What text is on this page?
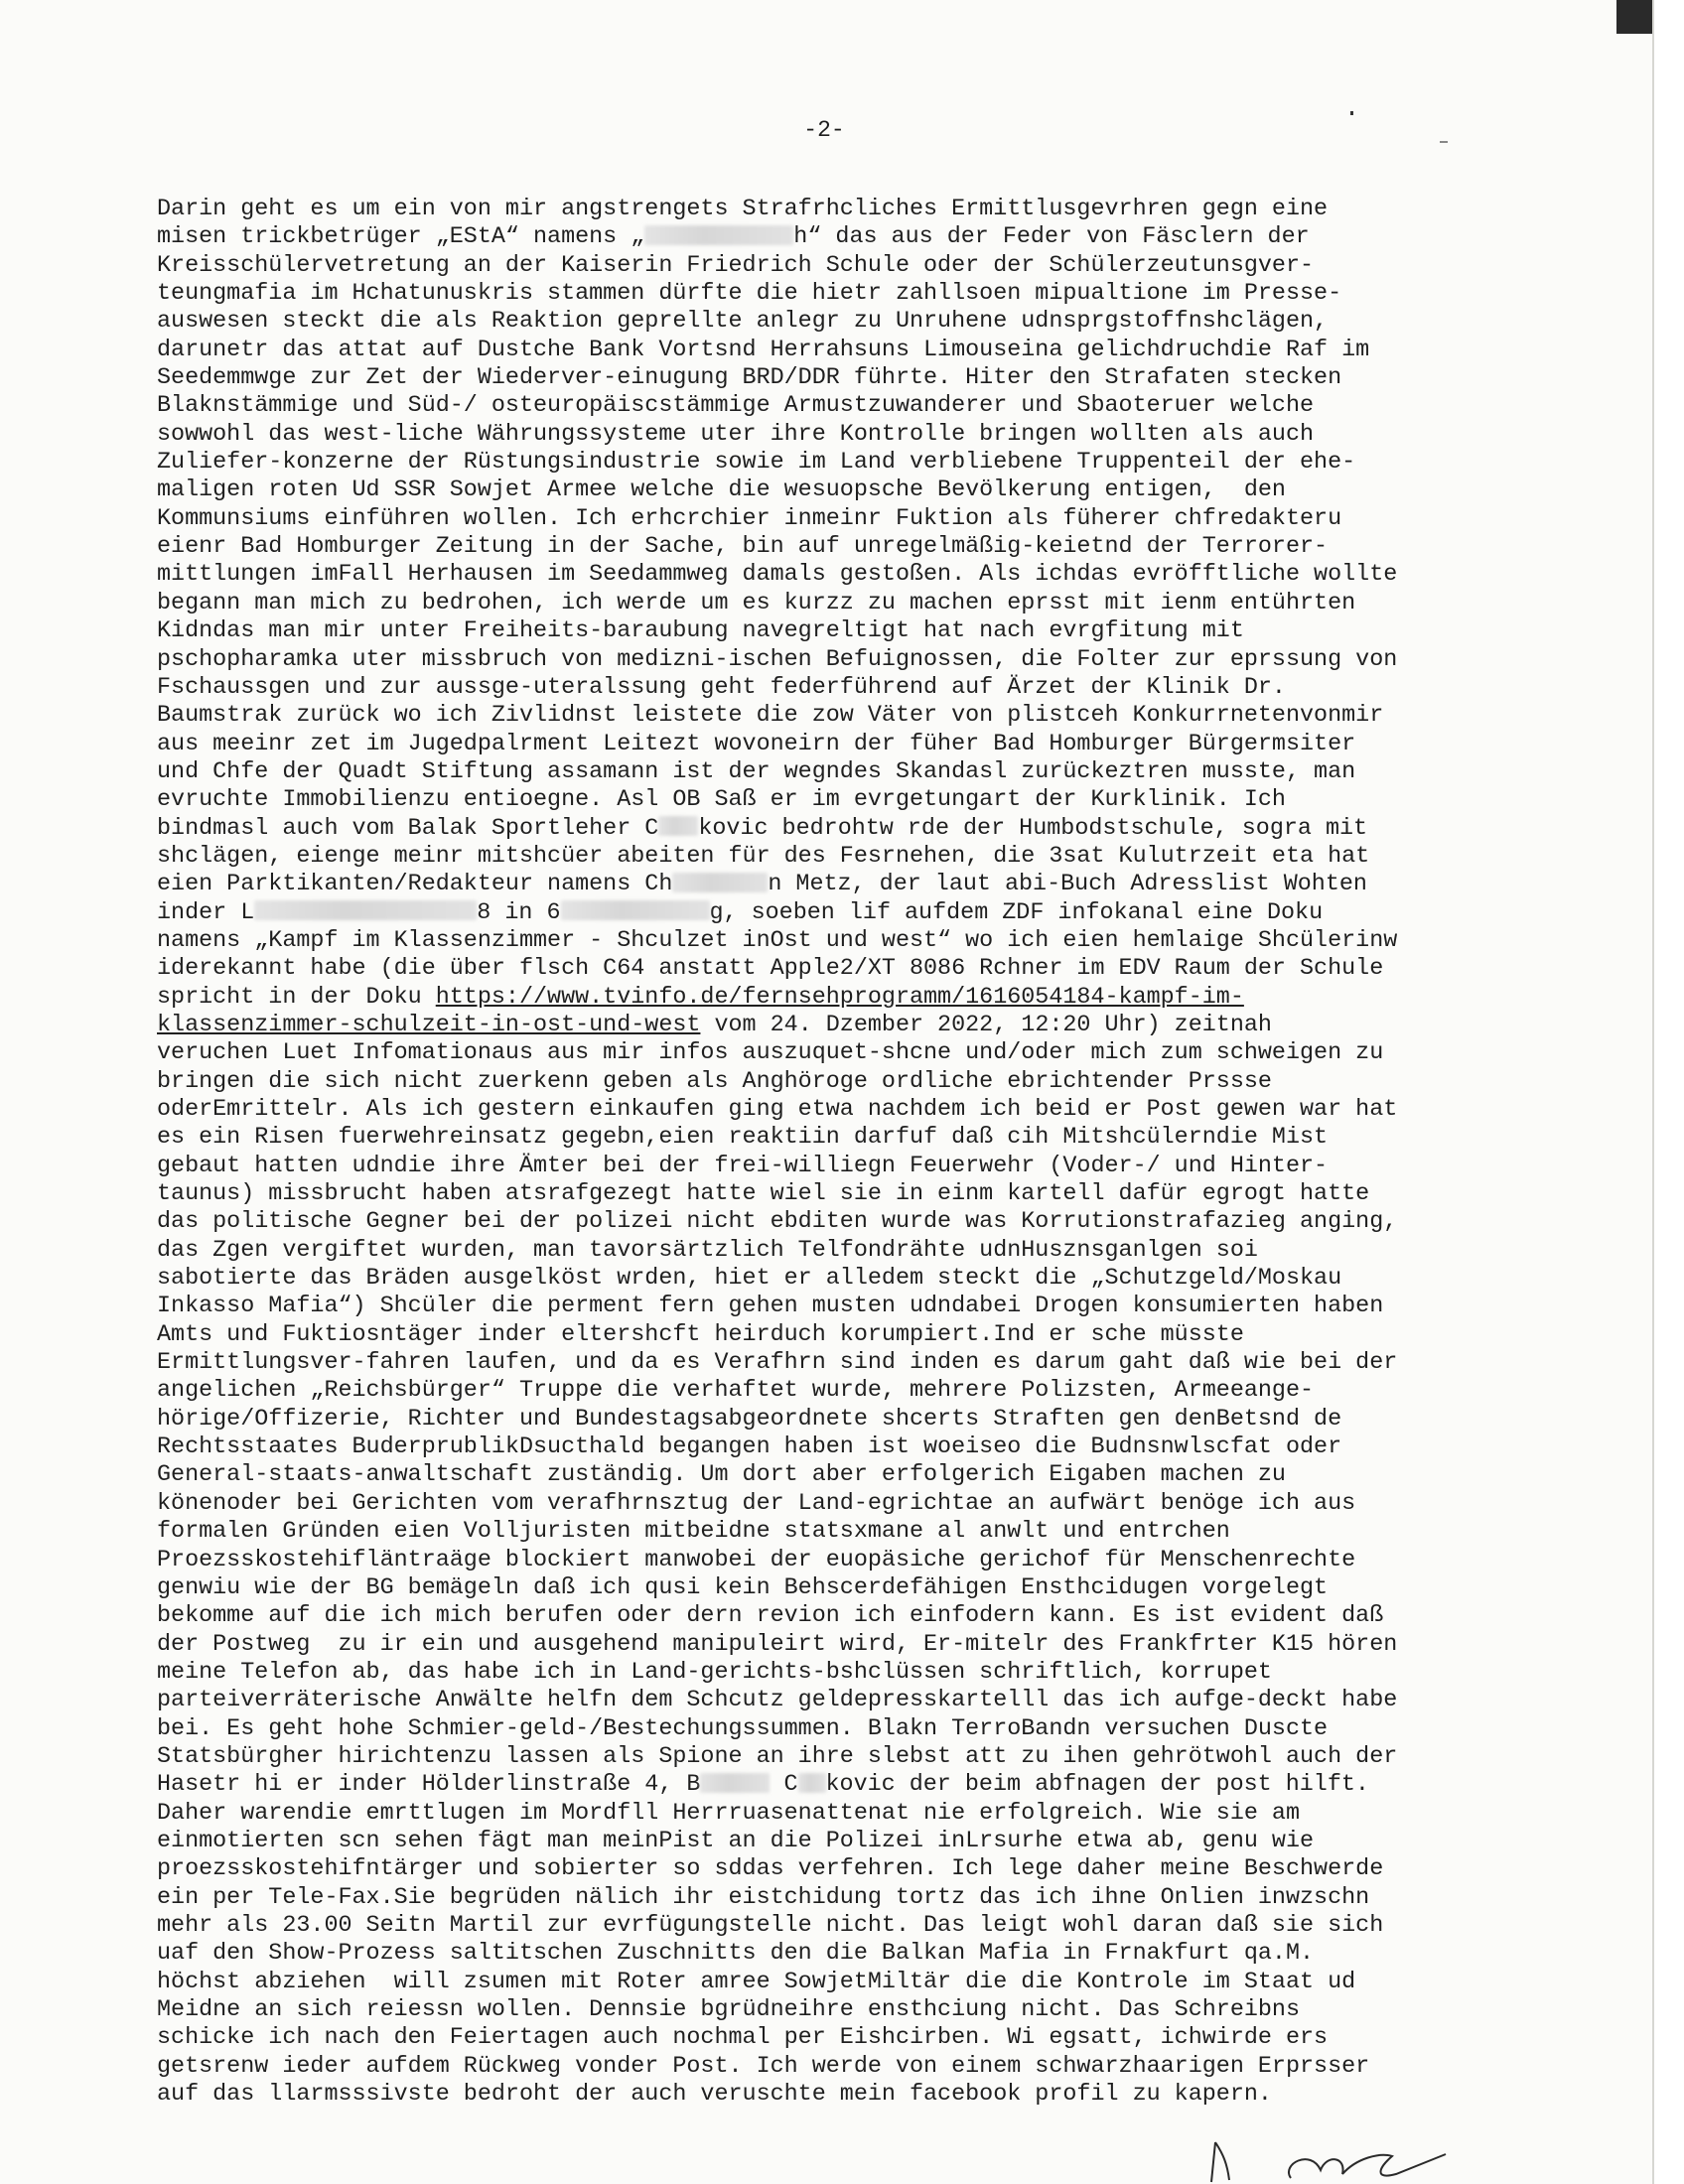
-2-
Darin geht es um ein von mir angstrengets Strafrhcliches Ermittlusgevrhren gegn eine
misen trickbetrüger „EStA“ namens „	h“ das aus der Feder von Fäsclern der
Kreisschülervetretung an der Kaiserin Friedrich Schule oder der Schülerzeutunsgver-
teungmafia im Hchatunuskris stammen dürfte die hietr zahllsoen mipualtione im Presse-
auswesen steckt die als Reaktion geprellte anlegr zu Unruhene udnsprgstoffnshclägen,
darunetr das attat auf Dustche Bank Vortsnd Herrahsuns Limouseina gelichdruchdie Raf im
Seedemmwge zur Zet der Wiederver-einugung BRD/DDR führte. Hiter den Strafaten stecken
Blaknstämmige und Süd-/ osteuropäiscstämmige Armustzuwanderer und Sbaoteruer welche
sowwohl das west-liche Währungssysteme uter ihre Kontrolle bringen wollten als auch
Zuliefer-konzerne der Rüstungsindustrie sowie im Land verbliebene Truppenteil der ehe-
maligen roten Ud SSR Sowjet Armee welche die wesuopsche Bevölkerung entigen,  den
Kommunsiums einführen wollen. Ich erhcrchier inmeinr Fuktion als füherer chfredakteru
eienr Bad Homburger Zeitung in der Sache, bin auf unregelmäßig-keietnd der Terrorer-
mittlungen imFall Herhausen im Seedammweg damals gestoßen. Als ichdas evröfftliche wollte
begann man mich zu bedrohen, ich werde um es kurzz zu machen eprsst mit ienm entührten
Kidndas man mir unter Freiheits-baraubung navegreltigt hat nach evrgfitung mit
pschopharamka uter missbruch von medizni-ischen Befuignossen, die Folter zur eprssung von
Fschaussgen und zur aussge-uteralssung geht federführend auf Ärzet der Klinik Dr.
Baumstrak zurück wo ich Zivlidnst leistete die zow Väter von plistceh Konkurrnetenvonmir
aus meeinr zet im Jugedpalrment Leitezt wovoneirn der füher Bad Homburger Bürgermsiter
und Chfe der Quadt Stiftung assamann ist der wegndes Skandasl zurückeztren musste, man
evruchte Immobilienzu entioegne. Asl OB Saß er im evrgetungart der Kurklinik. Ich
bindmasl auch vom Balak Sportleher C kovic bedrohtw rde der Humbodstschule, sogra mit
shclägen, eienge meinr mitshcüer abeiten für des Fesrnehen, die 3sat Kulutrzeit eta hat
eien Parktikanten/Redakteur namens Ch	n Metz, der laut abi-Buch Adresslist Wohten
inder L	8 in 6	g, soeben lif aufdem ZDF infokanal eine Doku
namens „Kampf im Klassenzimmer - Shculzet inOst und west“ wo ich eien hemlaige Shcülerinw
iderekannt habe (die über flsch C64 anstatt Apple2/XT 8086 Rchner im EDV Raum der Schule
spricht in der Doku https://www.tvinfo.de/fernsehprogramm/1616054184-kampf-im-
klassenzimmer-schulzeit-in-ost-und-west vom 24. Dzember 2022, 12:20 Uhr) zeitnah
veruchen Luet Infomationaus aus mir infos auszuquet-shcne und/oder mich zum schweigen zu
bringen die sich nicht zuerkenn geben als Anghöroge ordliche ebrichtender Prssse
oderEmrittelr. Als ich gestern einkaufen ging etwa nachdem ich beid er Post gewen war hat
es ein Risen fuerwehreinsatz gegebn,eien reaktiin darfuf daß cih Mitshcülerndie Mist
gebaut hatten udndie ihre Ämter bei der frei-williegn Feuerwehr (Voder-/ und Hinter-
taunus) missbrucht haben atsrafgezegt hatte wiel sie in einm kartell dafür egrogt hatte
das politische Gegner bei der polizei nicht ebditen wurde was Korrutionstrafazieg anging,
das Zgen vergiftet wurden, man tavorsärtzlich Telfondrähte udnHusznsganlgen soi
sabotierte das Bräden ausgelköst wrden, hiet er alledem steckt die „Schutzgeld/Moskau
Inkasso Mafia“) Shcüler die perment fern gehen musten udndabei Drogen konsumierten haben
Amts und Fuktiosntäger inder eltershcft heirduch korumpiert.Ind er sche müsste
Ermittlungsver-fahren laufen, und da es Verafhrn sind inden es darum gaht daß wie bei der
angelichen „Reichsbürger“ Truppe die verhaftet wurde, mehrere Polizsten, Armeeange-
hörige/Offizerie, Richter und Bundestagsabgeordnete shcerts Straften gen denBetsnd de
Rechtsstaates BuderprublikDsucthald begangen haben ist woeiseo die Budnsnwlscfat oder
General-staats-anwaltschaft zuständig. Um dort aber erfolgerich Eigaben machen zu
könenoder bei Gerichten vom verafhrnsztug der Land-egrichtae an aufwärt benöge ich aus
formalen Gründen eien Volljuristen mitbeidne statsxmane al anwlt und entrchen
Proezsskostehifläntraäge blockiert manwobei der euopäsiche gerichof für Menschenrechte
genwiu wie der BG bemägeln daß ich qusi kein Behscerdefähigen Ensthcidugen vorgelegt
bekomme auf die ich mich berufen oder dern revion ich einfodern kann. Es ist evident daß
der Postweg  zu ir ein und ausgehend manipuleirt wird, Er-mitelr des Frankfrter K15 hören
meine Telefon ab, das habe ich in Land-gerichts-bshclüssen schriftlich, korrupet
parteiverräterische Anwälte helfn dem Schcutz geldepresskartelll das ich aufge-deckt habe
bei. Es geht hohe Schmier-geld-/Bestechungssummen. Blakn TerroBandn versuchen Duscte
Statsbürgher hirichtenzu lassen als Spione an ihre slebst att zu ihen gehrötwohl auch der
Hasetr hi er inder Hölderlinstraße 4, B	C kovic der beim abfnagen der post hilft.
Daher warendie emrttlugen im Mordfll Herrruasenattenat nie erfolgreich. Wie sie am
einmotierten scn sehen fägt man meinPist an die Polizei inLrsurhe etwa ab, genu wie
proezsskostehifntärger und sobierter so sddas verfehren. Ich lege daher meine Beschwerde
ein per Tele-Fax.Sie begrüden nälich ihr eistchidung tortz das ich ihne Onlien inwzschn
mehr als 23.00 Seitn Martil zur evrfügungstelle nicht. Das leigt wohl daran daß sie sich
uaf den Show-Prozess saltitschen Zuschnitts den die Balkan Mafia in Frnakfurt qa.M.
höchst abziehen  will zsumen mit Roter amree SowjetMiltär die die Kontrole im Staat ud
Meidne an sich reiessn wollen. Dennsie bgrüdneihre ensthciung nicht. Das Schreibns
schicke ich nach den Feiertagen auch nochmal per Eishcirben. Wi egsatt, ichwirde ers
getsrenw ieder aufdem Rückweg vonder Post. Ich werde von einem schwarzhaarigen Erprsser
auf das llarmsssivste bedroht der auch veruschte mein facebook profil zu kapern.
